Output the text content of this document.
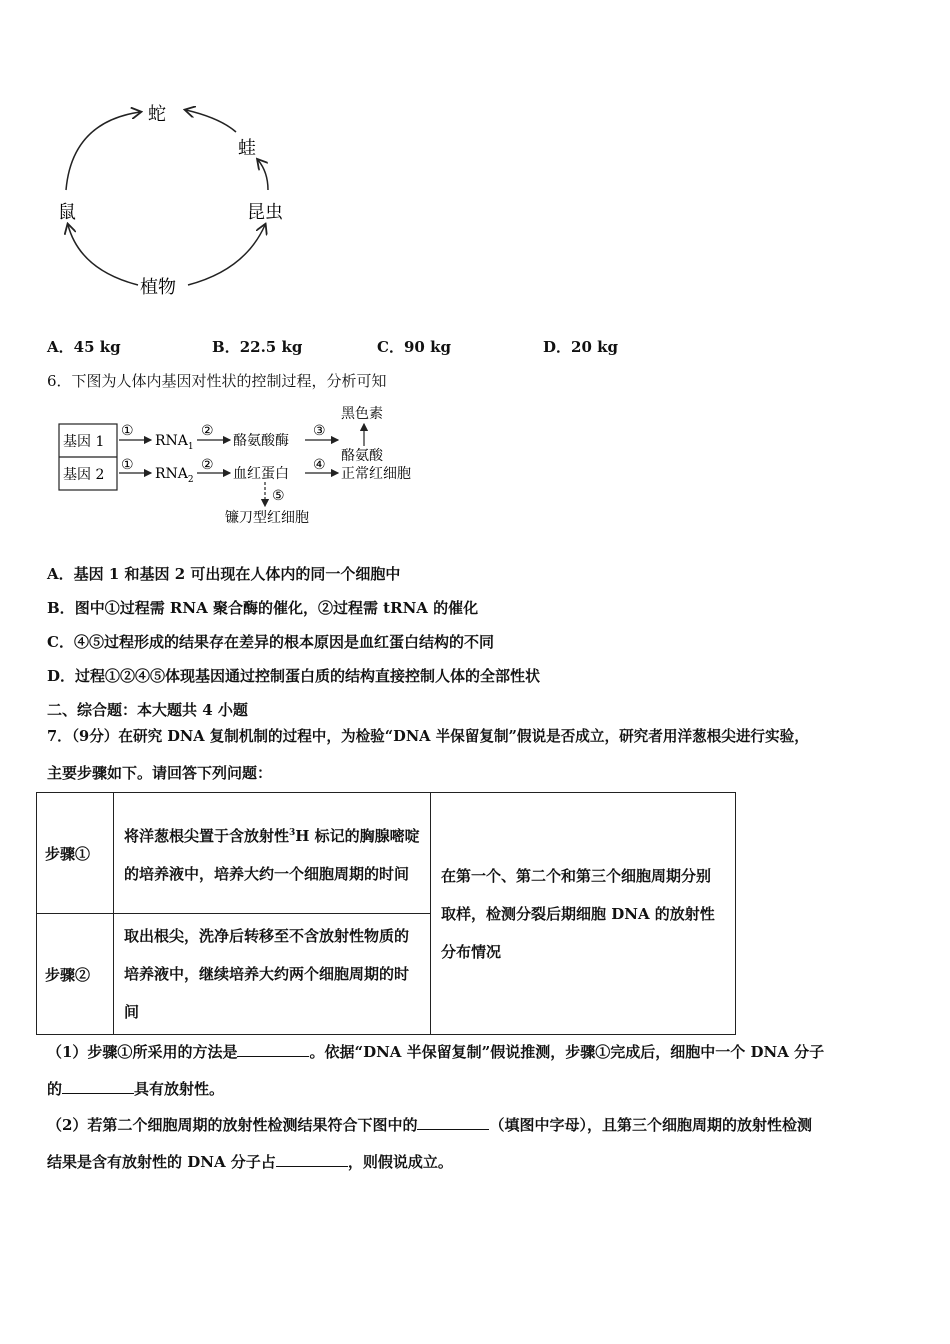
蛇
蛙
鼠	昆虫
植物
A．45 kg	B．22.5 kg	C．90 kg	D．20 kg
6．下图为人体内基因对性状的控制过程，分析可知
基因 1
基因 2
①
$RNA_1$
②
酪氨酸酶
③
黑色素
酪氨酸
①
$RNA_2$
②
血红蛋白
④
正常红细胞
⑤
镰刀型红细胞
A．基因 1 和基因 2 可出现在人体内的同一个细胞中
B．图中①过程需 RNA 聚合酶的催化，②过程需 tRNA 的催化
C．④⑤过程形成的结果存在差异的根本原因是血红蛋白结构的不同
D．过程①②④⑤体现基因通过控制蛋白质的结构直接控制人体的全部性状
二、综合题：本大题共 4 小题
7．（9分）在研究 DNA 复制机制的过程中，为检验“DNA 半保留复制”假说是否成立，研究者用洋葱根尖进行实验，
主要步骤如下。请回答下列问题：
步骤①	将洋葱根尖置于含放射性$^3$H 标记的胸腺嘧啶的培养液中，培养大约一个细胞周期的时间	在第一个、第二个和第三个细胞周期分别取样，检测分裂后期细胞 DNA 的放射性分布情况
步骤②	取出根尖，洗净后转移至不含放射性物质的培养液中，继续培养大约两个细胞周期的时间	
（1）步骤①所采用的方法是	。依据“DNA 半保留复制”假说推测，步骤①完成后，细胞中一个 DNA 分子
的	具有放射性。
（2）若第二个细胞周期的放射性检测结果符合下图中的	（填图中字母），且第三个细胞周期的放射性检测
结果是含有放射性的 DNA 分子占	，则假说成立。
